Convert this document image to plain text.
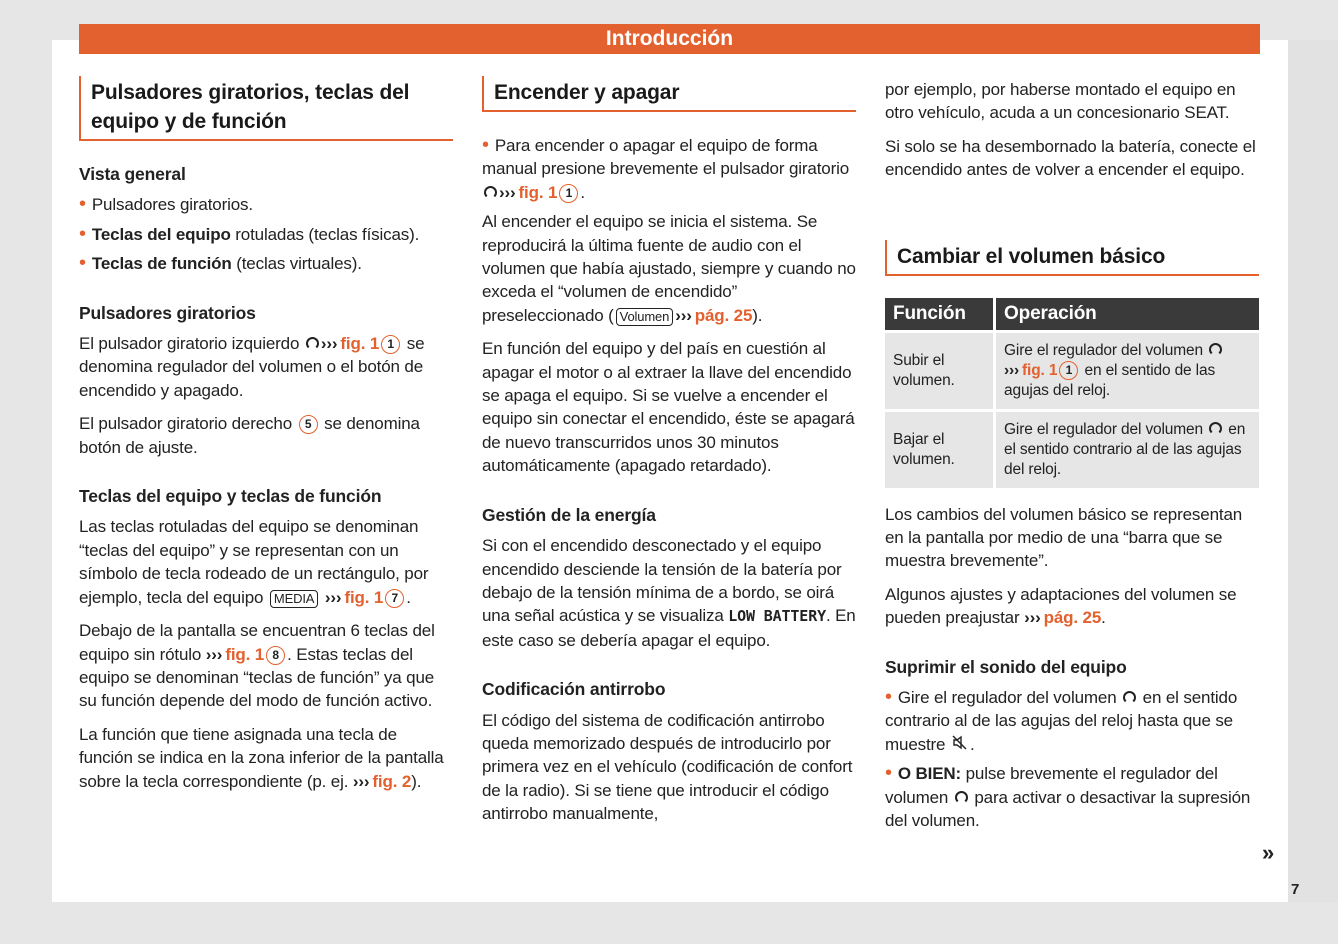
Introducción
Pulsadores giratorios, teclas del equipo y de función
Vista general
• Pulsadores giratorios.
• Teclas del equipo rotuladas (teclas físicas).
• Teclas de función (teclas virtuales).
Pulsadores giratorios
El pulsador giratorio izquierdo ››› fig. 1 1 se denomina regulador del volumen o el botón de encendido y apagado.
El pulsador giratorio derecho 5 se denomina botón de ajuste.
Teclas del equipo y teclas de función
Las teclas rotuladas del equipo se denominan “teclas del equipo” y se representan con un símbolo de tecla rodeado de un rectángulo, por ejemplo, tecla del equipo MEDIA ››› fig. 1 7 .
Debajo de la pantalla se encuentran 6 teclas del equipo sin rótulo ››› fig. 1 8 . Estas teclas del equipo se denominan “teclas de función” ya que su función depende del modo de función activo.
La función que tiene asignada una tecla de función se indica en la zona inferior de la pantalla sobre la tecla correspondiente (p. ej. ››› fig. 2).
Encender y apagar
• Para encender o apagar el equipo de forma manual presione brevemente el pulsador giratorio ››› fig. 1 1 .
Al encender el equipo se inicia el sistema. Se reproducirá la última fuente de audio con el volumen que había ajustado, siempre y cuando no exceda el “volumen de encendido” preseleccionado ( Volumen ››› pág. 25).
En función del equipo y del país en cuestión al apagar el motor o al extraer la llave del encendido se apaga el equipo. Si se vuelve a encender el equipo sin conectar el encendido, éste se apagará de nuevo transcurridos unos 30 minutos automáticamente (apagado retardado).
Gestión de la energía
Si con el encendido desconectado y el equipo encendido desciende la tensión de la batería por debajo de la tensión mínima de a bordo, se oirá una señal acústica y se visualiza LOW BATTERY. En este caso se debería apagar el equipo.
Codificación antirrobo
El código del sistema de codificación antirrobo queda memorizado después de introducirlo por primera vez en el vehículo (codificación de confort de la radio). Si se tiene que introducir el código antirrobo manualmente,
por ejemplo, por haberse montado el equipo en otro vehículo, acuda a un concesionario SEAT.
Si solo se ha desembornado la batería, conecte el encendido antes de volver a encender el equipo.
Cambiar el volumen básico
Función	Operación
Subir el volumen.	Gire el regulador del volumen  ››› fig. 1 1 en el sentido de las agujas del reloj.
Bajar el volumen.	Gire el regulador del volumen  en el sentido contrario al de las agujas del reloj.
Los cambios del volumen básico se representan en la pantalla por medio de una “barra que se muestra brevemente”.
Algunos ajustes y adaptaciones del volumen se pueden preajustar ››› pág. 25.
Suprimir el sonido del equipo
• Gire el regulador del volumen  en el sentido contrario al de las agujas del reloj hasta que se muestre .
• O BIEN: pulse brevemente el regulador del volumen  para activar o desactivar la supresión del volumen.
»
7
